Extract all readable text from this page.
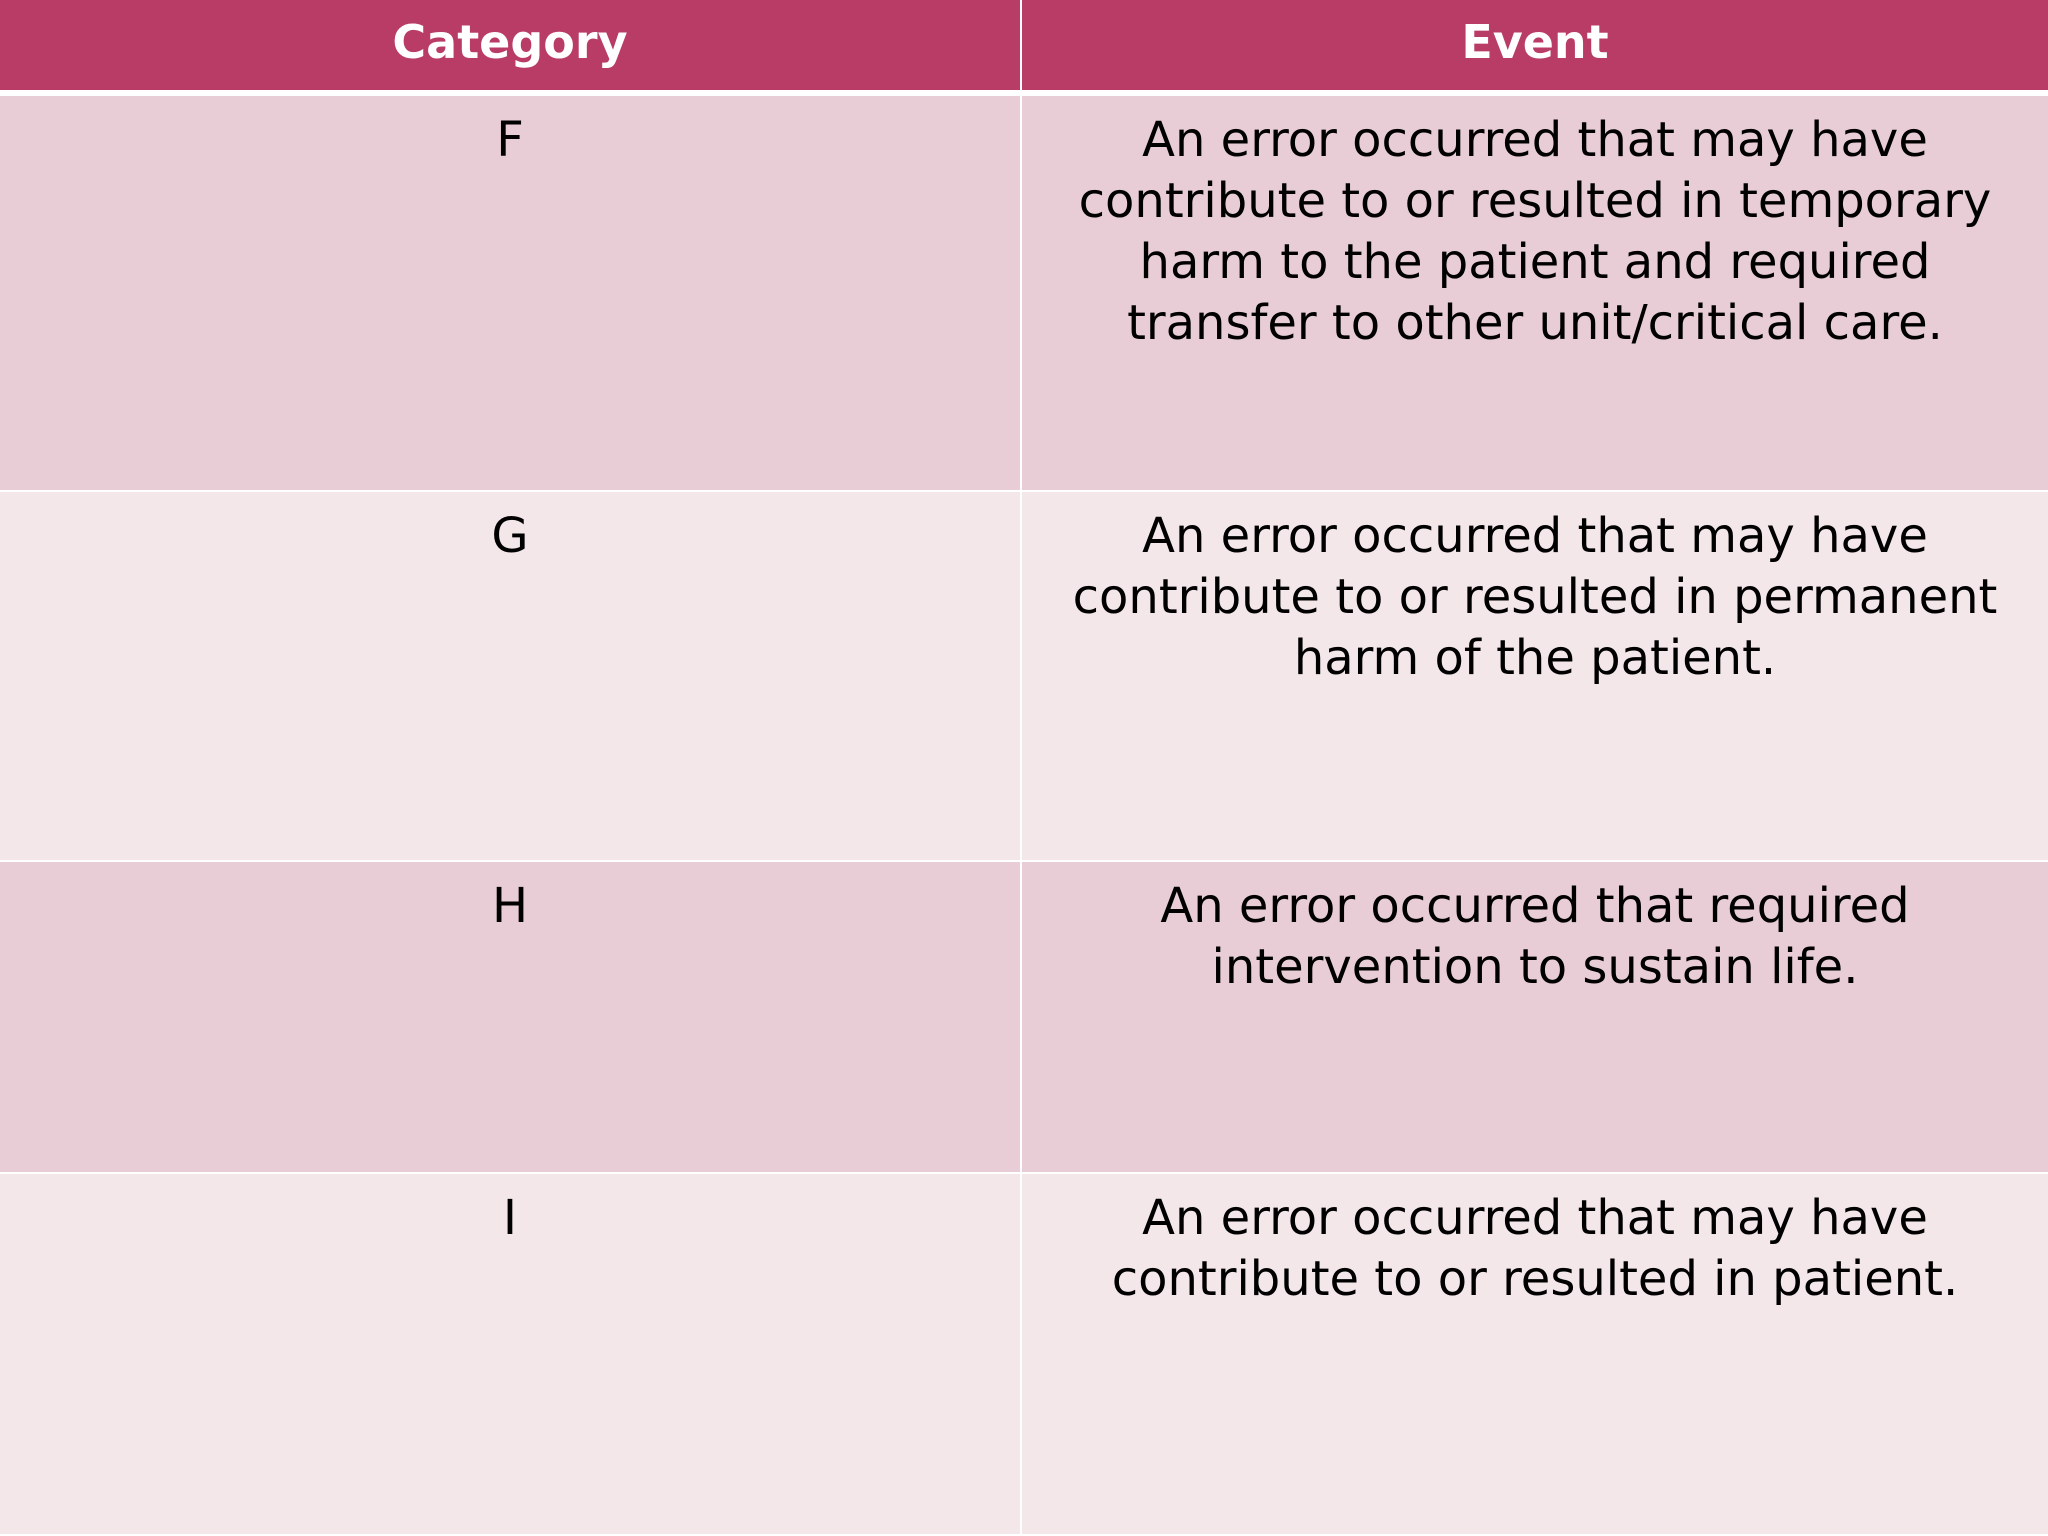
Category	Event
F	An error occurred that may have contribute to or resulted in temporary harm to the patient and required transfer to other unit/critical care.
G	An error occurred that may have contribute to or resulted in permanent harm of the patient.
H	An error occurred that required intervention to sustain life.
I	An error occurred that may have contribute to or resulted in patient.
